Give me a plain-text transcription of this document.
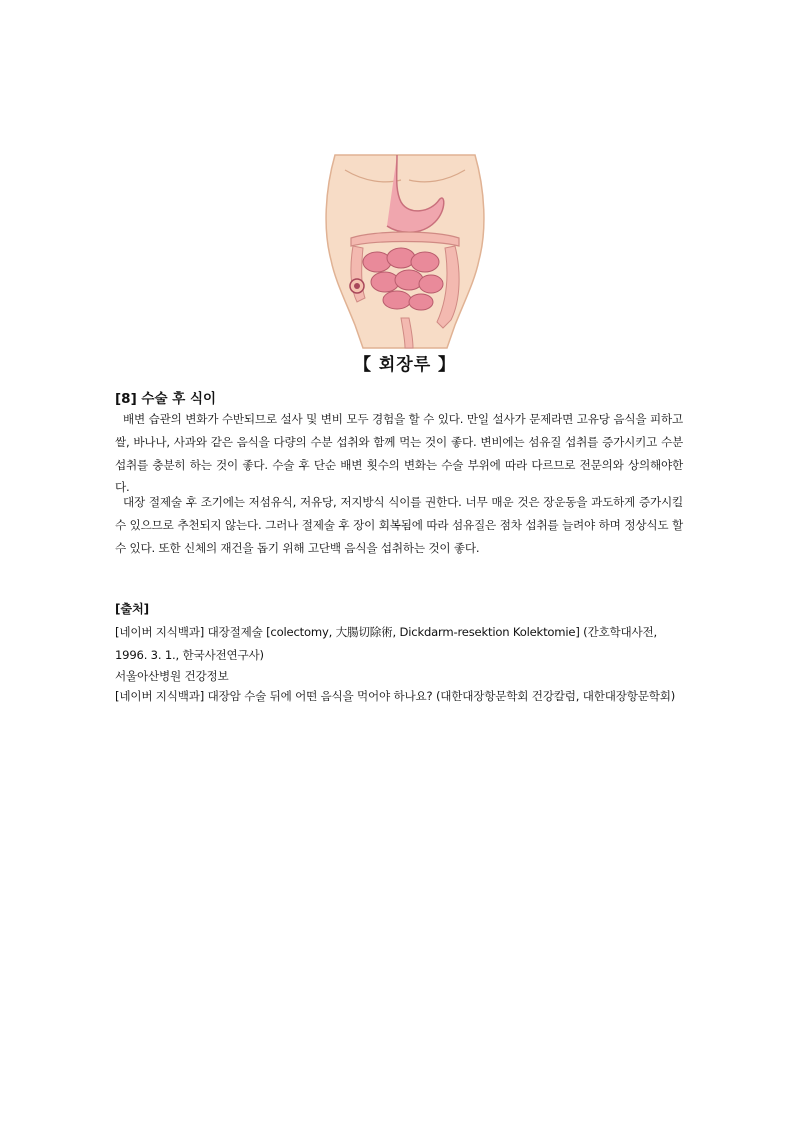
【 회장루 】
[8] 수술 후 식이
배변 습관의 변화가 수반되므로 설사 및 변비 모두 경험을 할 수 있다. 만일 설사가 문제라면 고유당 음식을 피하고 쌀, 바나나, 사과와 같은 음식을 다량의 수분 섭취와 함께 먹는 것이 좋다. 변비에는 섬유질 섭취를 증가시키고 수분 섭취를 충분히 하는 것이 좋다. 수술 후 단순 배변 횟수의 변화는 수술 부위에 따라 다르므로 전문의와 상의해야한다.
대장 절제술 후 조기에는 저섬유식, 저유당, 저지방식 식이를 권한다. 너무 매운 것은 장운동을 과도하게 증가시킬 수 있으므로 추천되지 않는다. 그러나 절제술 후 장이 회복됨에 따라 섬유질은 점차 섭취를 늘려야 하며 정상식도 할 수 있다. 또한 신체의 재건을 돕기 위해 고단백 음식을 섭취하는 것이 좋다.
[출처]
[네이버 지식백과] 대장절제술 [colectomy, 大腸切除術, Dickdarm-resektion Kolektomie] (간호학대사전, 1996. 3. 1., 한국사전연구사)
서울아산병원 건강정보
[네이버 지식백과] 대장암 수술 뒤에 어떤 음식을 먹어야 하나요? (대한대장항문학회 건강칼럼, 대한대장항문학회)
